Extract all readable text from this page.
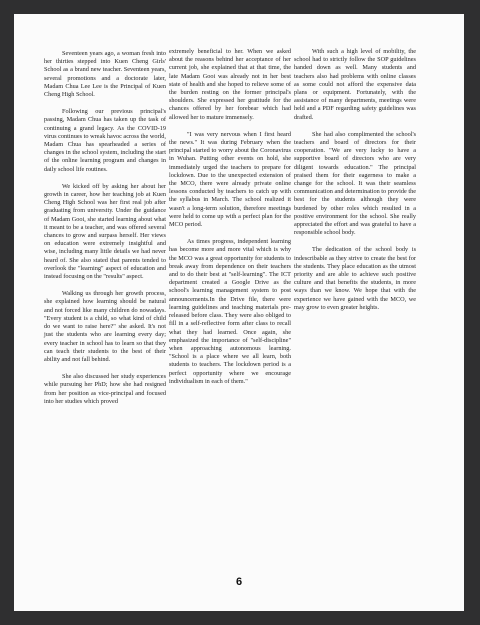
Seventeen years ago, a woman fresh into her thirties stepped into Kuen Cheng Girls' School as a brand new teacher. Seventeen years, several promotions and a doctorate later, Madam Chua Lee Lee is the Principal of Kuen Cheng High School.

Following our previous principal's passing, Madam Chua has taken up the task of continuing a grand legacy. As the COVID-19 virus continues to wreak havoc across the world, Madam Chua has spearheaded a series of changes in the school system, including the start of the online learning program and changes in daily school life routines.

We kicked off by asking her about her growth in career, how her teaching job at Kuen Cheng High School was her first real job after graduating from university. Under the guidance of Madam Gooi, she started learning about what it meant to be a teacher, and was offered several chances to grow and surpass herself. Her views on education were extremely insightful and wise, including many little details we had never heard of. She also stated that parents tended to overlook the "learning" aspect of education and instead focusing on the "results" aspect.

Walking us through her growth process, she explained how learning should be natural and not forced like many children do nowadays. "Every student is a child, so what kind of child do we want to raise here?" she asked. It's not just the students who are learning every day; every teacher in school has to learn so that they can teach their students to the best of their ability and not fall behind.

She also discussed her study experiences while pursuing her PhD; how she had resigned from her position as vice-principal and focused into her studies which proved

extremely beneficial to her. When we asked about the reasons behind her acceptance of her current job, she explained that at that time, the late Madam Gooi was already not in her best state of health and she hoped to relieve some of the burden resting on the former principal's shoulders. She expressed her gratitude for the chances offered by her forebear which had allowed her to mature immensely.

"I was very nervous when I first heard the news." It was during February when the principal started to worry about the Coronavirus in Wuhan. Putting other events on hold, she immediately urged the teachers to prepare for lockdown. Due to the unexpected extension of the MCO, there were already private online lessons conducted by teachers to catch up with the syllabus in March. The school realized it wasn't a long-term solution, therefore meetings were held to come up with a perfect plan for the MCO period.

As times progress, independent learning has become more and more vital which is why the MCO was a great opportunity for students to break away from dependence on their teachers and to do their best at "self-learning". The ICT department created a Google Drive as the school's learning management system to post announcements.In the Drive file, there were learning guidelines and teaching materials pre-released before class. They were also obliged to fill in a self-reflective form after class to recall what they had learned. Once again, she emphasized the importance of "self-discipline" when approaching autonomous learning. "School is a place where we all learn, both students to teachers. The lockdown period is a perfect opportunity where we encourage individualism in each of them."

With such a high level of mobility, the school had to strictly follow the SOP guidelines handed down as well. Many students and teachers also had problems with online classes as some could not afford the expensive data plans or equipment. Fortunately, with the assistance of many departments, meetings were held and a PDF regarding safety guidelines was drafted.

She had also complimented the school's teachers and board of directors for their cooperation. "We are very lucky to have a supportive board of directors who are very diligent towards education." The principal praised them for their eagerness to make a change for the school. It was their seamless communication and determination to provide the best for the students although they were burdened by other roles which resulted in a positive environment for the school. She really appreciated the effort and was grateful to have a responsible school body.

The dedication of the school body is indescribable as they strive to create the best for the students. They place education as the utmost priority and are able to achieve such positive culture and that benefits the students, in more ways than we know. We hope that with the experience we have gained with the MCO, we may grow to even greater heights.

6
